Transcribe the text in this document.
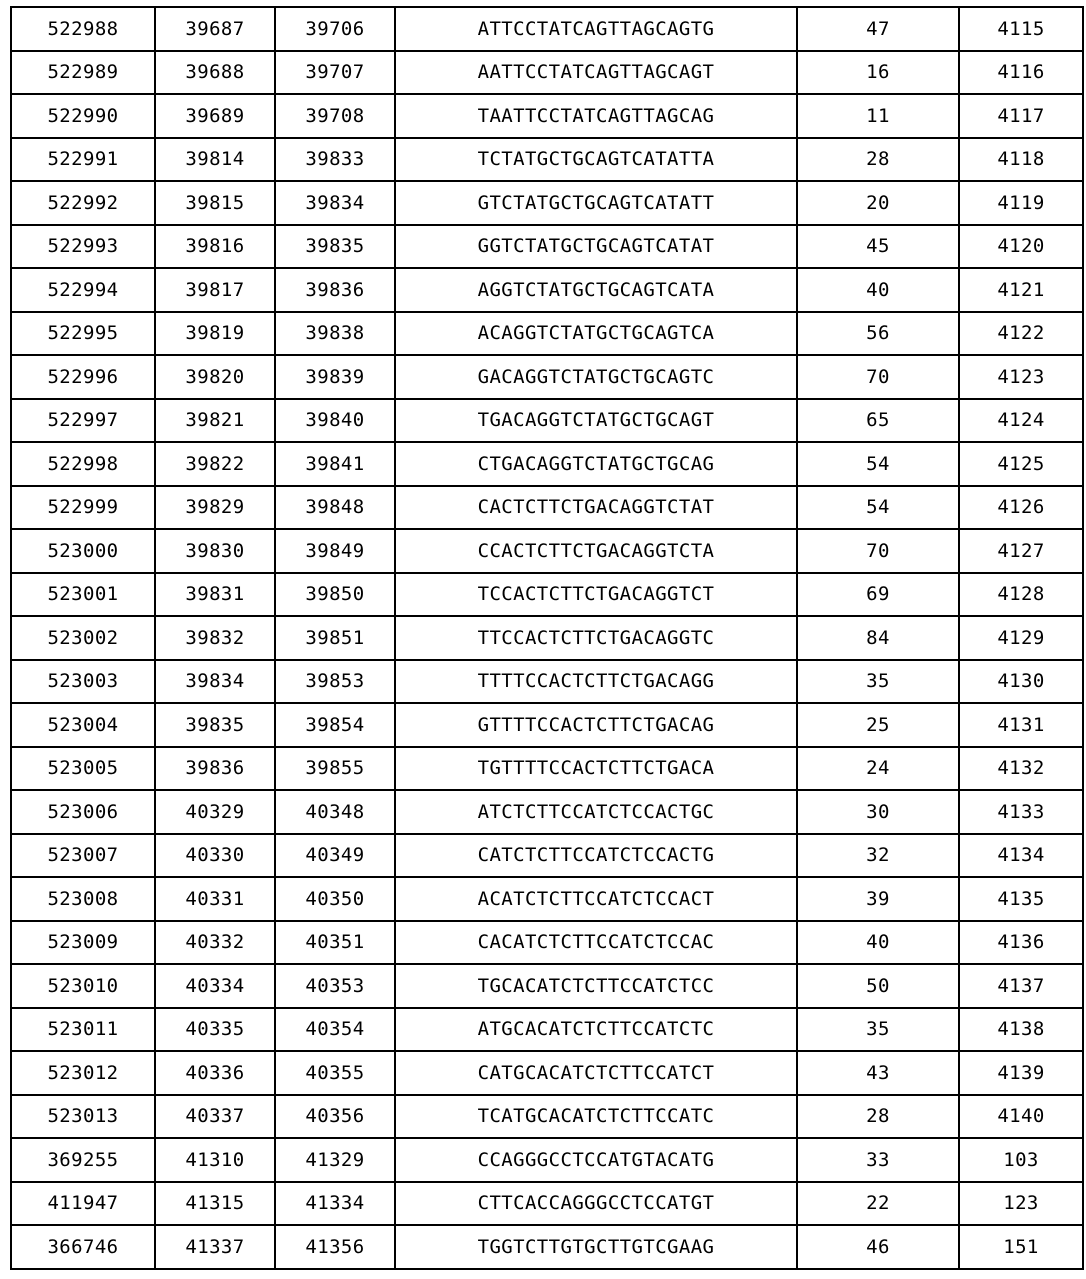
522988	39687	39706	ATTCCTATCAGTTAGCAGTG	47	4115
522989	39688	39707	AATTCCTATCAGTTAGCAGT	16	4116
522990	39689	39708	TAATTCCTATCAGTTAGCAG	11	4117
522991	39814	39833	TCTATGCTGCAGTCATATTA	28	4118
522992	39815	39834	GTCTATGCTGCAGTCATATT	20	4119
522993	39816	39835	GGTCTATGCTGCAGTCATAT	45	4120
522994	39817	39836	AGGTCTATGCTGCAGTCATA	40	4121
522995	39819	39838	ACAGGTCTATGCTGCAGTCA	56	4122
522996	39820	39839	GACAGGTCTATGCTGCAGTC	70	4123
522997	39821	39840	TGACAGGTCTATGCTGCAGT	65	4124
522998	39822	39841	CTGACAGGTCTATGCTGCAG	54	4125
522999	39829	39848	CACTCTTCTGACAGGTCTAT	54	4126
523000	39830	39849	CCACTCTTCTGACAGGTCTA	70	4127
523001	39831	39850	TCCACTCTTCTGACAGGTCT	69	4128
523002	39832	39851	TTCCACTCTTCTGACAGGTC	84	4129
523003	39834	39853	TTTTCCACTCTTCTGACAGG	35	4130
523004	39835	39854	GTTTTCCACTCTTCTGACAG	25	4131
523005	39836	39855	TGTTTTCCACTCTTCTGACA	24	4132
523006	40329	40348	ATCTCTTCCATCTCCACTGC	30	4133
523007	40330	40349	CATCTCTTCCATCTCCACTG	32	4134
523008	40331	40350	ACATCTCTTCCATCTCCACT	39	4135
523009	40332	40351	CACATCTCTTCCATCTCCAC	40	4136
523010	40334	40353	TGCACATCTCTTCCATCTCC	50	4137
523011	40335	40354	ATGCACATCTCTTCCATCTC	35	4138
523012	40336	40355	CATGCACATCTCTTCCATCT	43	4139
523013	40337	40356	TCATGCACATCTCTTCCATC	28	4140
369255	41310	41329	CCAGGGCCTCCATGTACATG	33	103
411947	41315	41334	CTTCACCAGGGCCTCCATGT	22	123
366746	41337	41356	TGGTCTTGTGCTTGTCGAAG	46	151
